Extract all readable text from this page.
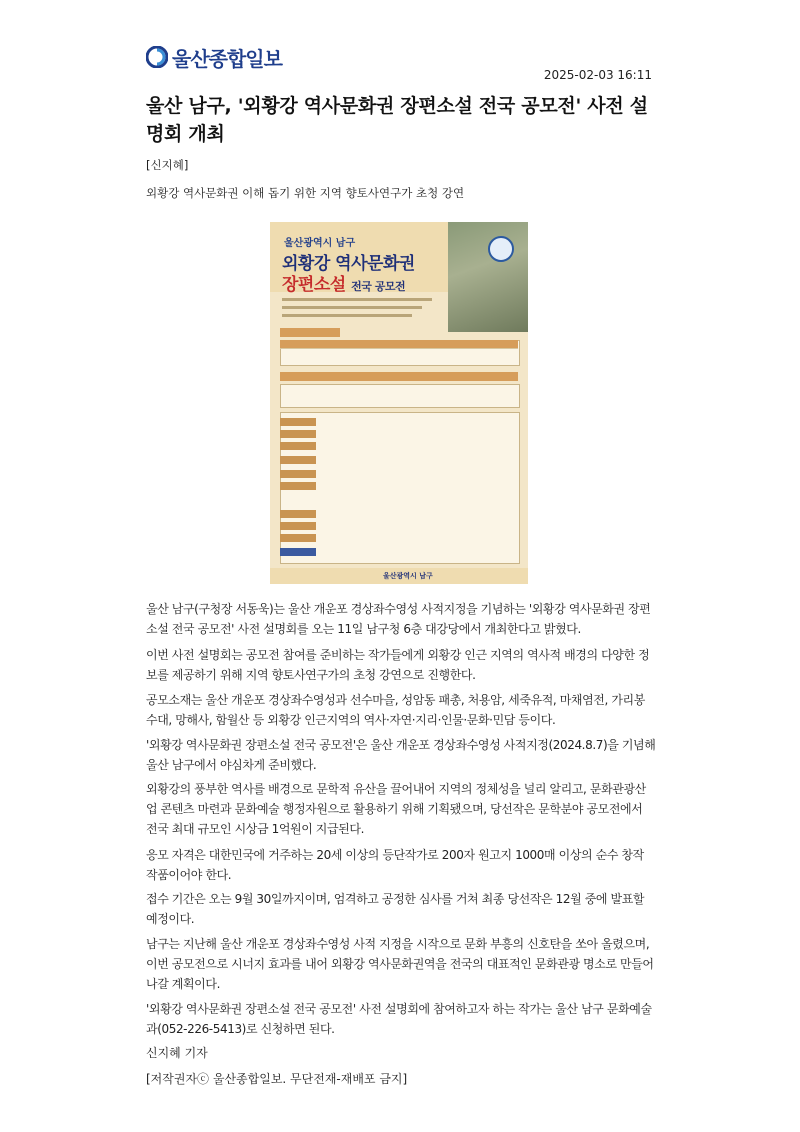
울산종합일보
2025-02-03 16:11
울산 남구, '외황강 역사문화권 장편소설 전국 공모전' 사전 설명회 개최
[신지혜]
외황강 역사문화권 이해 돕기 위한 지역 향토사연구가 초청 강연
울산광역시 남구
외황강 역사문화권
장편소설 전국 공모전
울산광역시 남구

울산 남구(구청장 서동욱)는 울산 개운포 경상좌수영성 사적지정을 기념하는 '외황강 역사문화권 장편소설 전국 공모전' 사전 설명회를 오는 11일 남구청 6층 대강당에서 개최한다고 밝혔다.

이번 사전 설명회는 공모전 참여를 준비하는 작가들에게 외황강 인근 지역의 역사적 배경의 다양한 정보를 제공하기 위해 지역 향토사연구가의 초청 강연으로 진행한다.

공모소재는 울산 개운포 경상좌수영성과 선수마을, 성암동 패총, 처용암, 세죽유적, 마채염전, 가리봉수대, 망해사, 함월산 등 외황강 인근지역의 역사·자연·지리·인물·문화·민담 등이다.

'외황강 역사문화권 장편소설 전국 공모전'은 울산 개운포 경상좌수영성 사적지정(2024.8.7)을 기념해 울산 남구에서 야심차게 준비했다.

외황강의 풍부한 역사를 배경으로 문학적 유산을 끌어내어 지역의 정체성을 널리 알리고, 문화관광산업 콘텐츠 마련과 문화예술 행정자원으로 활용하기 위해 기획됐으며, 당선작은 문학분야 공모전에서 전국 최대 규모인 시상금 1억원이 지급된다.

응모 자격은 대한민국에 거주하는 20세 이상의 등단작가로 200자 원고지 1000매 이상의 순수 창작 작품이어야 한다.

접수 기간은 오는 9월 30일까지이며, 엄격하고 공정한 심사를 거쳐 최종 당선작은 12월 중에 발표할 예정이다.

남구는 지난해 울산 개운포 경상좌수영성 사적 지정을 시작으로 문화 부흥의 신호탄을 쏘아 올렸으며, 이번 공모전으로 시너지 효과를 내어 외황강 역사문화권역을 전국의 대표적인 문화관광 명소로 만들어 나갈 계획이다.

'외황강 역사문화권 장편소설 전국 공모전' 사전 설명회에 참여하고자 하는 작가는 울산 남구 문화예술과(052-226-5413)로 신청하면 된다.

신지혜 기자
[저작권자ⓒ 울산종합일보. 무단전재-재배포 금지]
